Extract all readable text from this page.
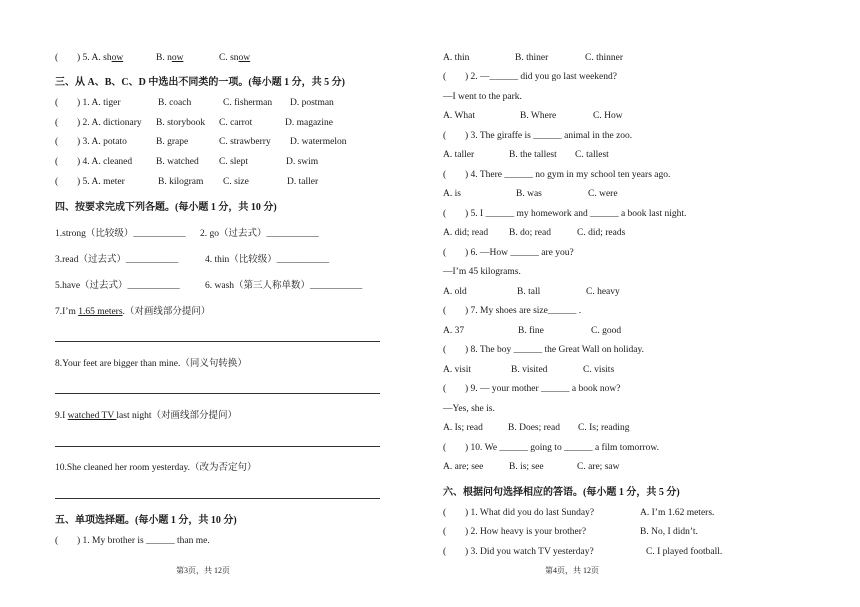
( ) 5. A. show	B. now	C. snow
三、从 A、B、C、D 中选出不同类的一项。(每小题 1 分，共 5 分)
( ) 1. A. tiger	B. coach	C. fisherman D. postman
( ) 2. A. dictionary B. storybook C. carrot	D. magazine
( ) 3. A. potato	B. grape	C. strawberry D. watermelon
( ) 4. A. cleaned	B. watched C. slept	D. swim
( ) 5. A. meter	B. kilogram C. size	D. taller
四、按要求完成下列各题。(每小题 1 分，共 10 分)
1.strong（比较级）___________ 2. go（过去式）___________
3.read（过去式）___________	4. thin（比较级）___________
5.have（过去式）___________	6. wash（第三人称单数）___________
7.I’m 1.65 meters.（对画线部分提问）
8.Your feet are bigger than mine.（同义句转换）
9.I watched TV last night（对画线部分提问）
10.She cleaned her room yesterday.（改为否定句）
五、单项选择题。(每小题 1 分，共 10 分)
( ) 1. My brother is ______ than me.
第3页，共 12页
A. thin	B. thiner	C. thinner
( ) 2. —______ did you go last weekend?
—I went to the park.
A. What	B. Where	C. How
( ) 3. The giraffe is ______ animal in the zoo.
A. taller	B. the tallest C. tallest
( ) 4. There ______ no gym in my school ten years ago.
A. is	B. was	C. were
( ) 5. I ______ my homework and ______ a book last night.
A. did; read B. do; read	C. did; reads
( ) 6. —How ______ are you?
—I’m 45 kilograms.
A. old	B. tall	C. heavy
( ) 7. My shoes are size______ .
A. 37	B. fine	C. good
( ) 8. The boy ______ the Great Wall on holiday.
A. visit	B. visited	C. visits
( ) 9. — your mother ______ a book now?
—Yes, she is.
A. Is; read	B. Does; read C. Is; reading
( ) 10. We ______ going to ______ a film tomorrow.
A. are; see	B. is; see	C. are; saw
六、根据问句选择相应的答语。(每小题 1 分，共 5 分)
( ) 1. What did you do last Sunday?	A. I’m 1.62 meters.
( ) 2. How heavy is your brother?	B. No, I didn’t.
( ) 3. Did you watch TV yesterday?	C. I played football.
第4页，共 12页
